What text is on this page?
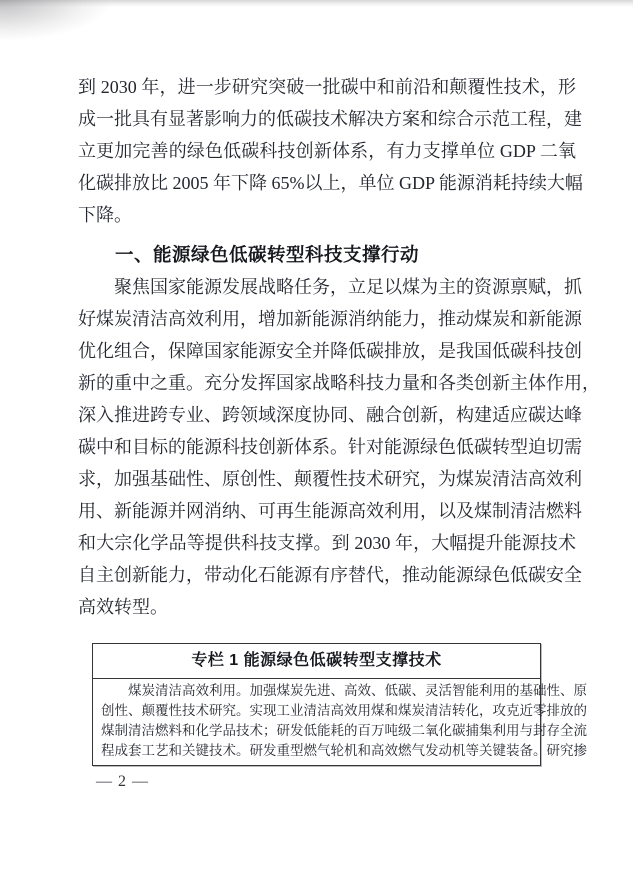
到 2030 年，进一步研究突破一批碳中和前沿和颠覆性技术，形
成一批具有显著影响力的低碳技术解决方案和综合示范工程，建
立更加完善的绿色低碳科技创新体系，有力支撑单位 GDP 二氧
化碳排放比 2005 年下降 65%以上，单位 GDP 能源消耗持续大幅
下降。
一、能源绿色低碳转型科技支撑行动
聚焦国家能源发展战略任务，立足以煤为主的资源禀赋，抓
好煤炭清洁高效利用，增加新能源消纳能力，推动煤炭和新能源
优化组合，保障国家能源安全并降低碳排放，是我国低碳科技创
新的重中之重。充分发挥国家战略科技力量和各类创新主体作用，
深入推进跨专业、跨领域深度协同、融合创新，构建适应碳达峰
碳中和目标的能源科技创新体系。针对能源绿色低碳转型迫切需
求，加强基础性、原创性、颠覆性技术研究，为煤炭清洁高效利
用、新能源并网消纳、可再生能源高效利用，以及煤制清洁燃料
和大宗化学品等提供科技支撑。到 2030 年，大幅提升能源技术
自主创新能力，带动化石能源有序替代，推动能源绿色低碳安全
高效转型。
专栏 1 能源绿色低碳转型支撑技术
煤炭清洁高效利用。加强煤炭先进、高效、低碳、灵活智能利用的基础性、原
创性、颠覆性技术研究。实现工业清洁高效用煤和煤炭清洁转化，攻克近零排放的
煤制清洁燃料和化学品技术；研发低能耗的百万吨级二氧化碳捕集利用与封存全流
程成套工艺和关键技术。研发重型燃气轮机和高效燃气发动机等关键装备。研究掺
— 2 —
